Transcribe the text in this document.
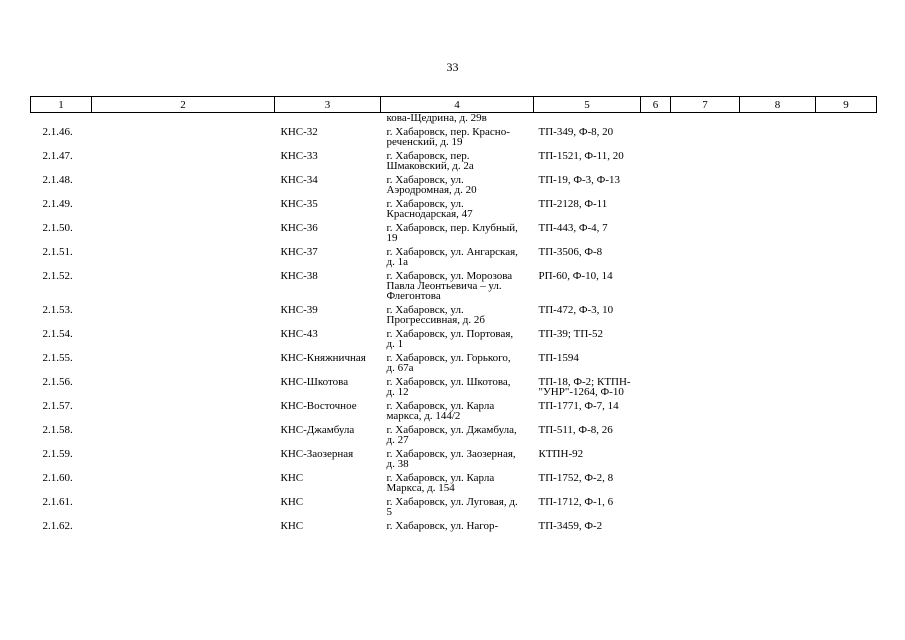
33
1	2	3	4	5	6	7	8	9
			кова-Щедрина, д. 29в					
2.1.46.		КНС-32	г. Хабаровск, пер. Красно-реченский, д. 19	ТП-349, Ф-8, 20				
2.1.47.		КНС-33	г. Хабаровск, пер. Шмаковский, д. 2а	ТП-1521, Ф-11, 20				
2.1.48.		КНС-34	г. Хабаровск, ул. Аэродромная, д. 20	ТП-19, Ф-3, Ф-13				
2.1.49.		КНС-35	г. Хабаровск, ул. Краснодарская, 47	ТП-2128, Ф-11				
2.1.50.		КНС-36	г. Хабаровск, пер. Клубный, 19	ТП-443, Ф-4, 7				
2.1.51.		КНС-37	г. Хабаровск, ул. Ангарская, д. 1а	ТП-3506, Ф-8				
2.1.52.		КНС-38	г. Хабаровск, ул. Морозова Павла Леонтьевича – ул. Флегонтова	РП-60, Ф-10, 14				
2.1.53.		КНС-39	г. Хабаровск, ул. Прогрессивная, д. 2б	ТП-472, Ф-3, 10				
2.1.54.		КНС-43	г. Хабаровск, ул. Портовая, д. 1	ТП-39; ТП-52				
2.1.55.		КНС-Княжничная	г. Хабаровск, ул. Горького, д. 67а	ТП-1594				
2.1.56.		КНС-Шкотова	г. Хабаровск, ул. Шкотова, д. 12	ТП-18, Ф-2; КТПН-"УНР"-1264, Ф-10				
2.1.57.		КНС-Восточное	г. Хабаровск, ул. Карла маркса, д. 144/2	ТП-1771, Ф-7, 14				
2.1.58.		КНС-Джамбула	г. Хабаровск, ул. Джамбула, д. 27	ТП-511, Ф-8, 26				
2.1.59.		КНС-Заозерная	г. Хабаровск, ул. Заозерная, д. 38	КТПН-92				
2.1.60.		КНС	г. Хабаровск, ул. Карла Маркса, д. 154	ТП-1752, Ф-2, 8				
2.1.61.		КНС	г. Хабаровск, ул. Луговая, д. 5	ТП-1712, Ф-1, 6				
2.1.62.		КНС	г. Хабаровск, ул. Нагор-	ТП-3459, Ф-2				
